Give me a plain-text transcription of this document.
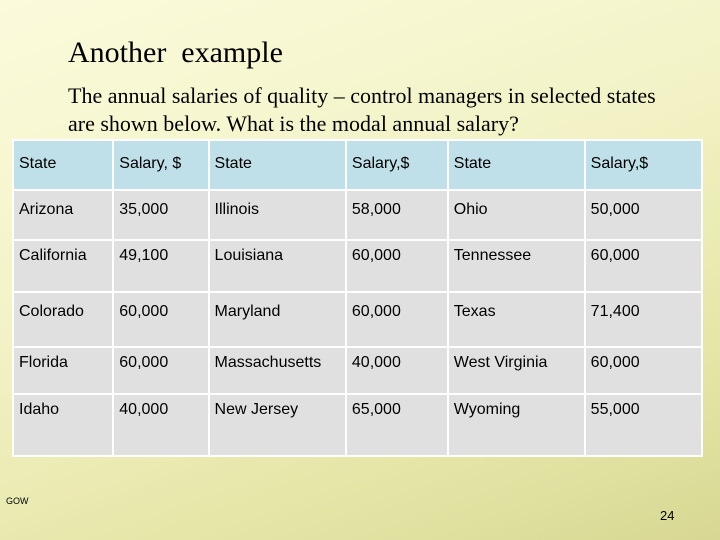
Another  example
The annual salaries of quality – control managers in selected states are shown below. What is the modal annual salary?
State	Salary, $	State	Salary,$	State	Salary,$
Arizona	35,000	Illinois	58,000	Ohio	50,000
California	49,100	Louisiana	60,000	Tennessee	60,000
Colorado	60,000	Maryland	60,000	Texas	71,400
Florida	60,000	Massachusetts	40,000	West Virginia	60,000
Idaho	40,000	New Jersey	65,000	Wyoming	55,000
GOW
24
